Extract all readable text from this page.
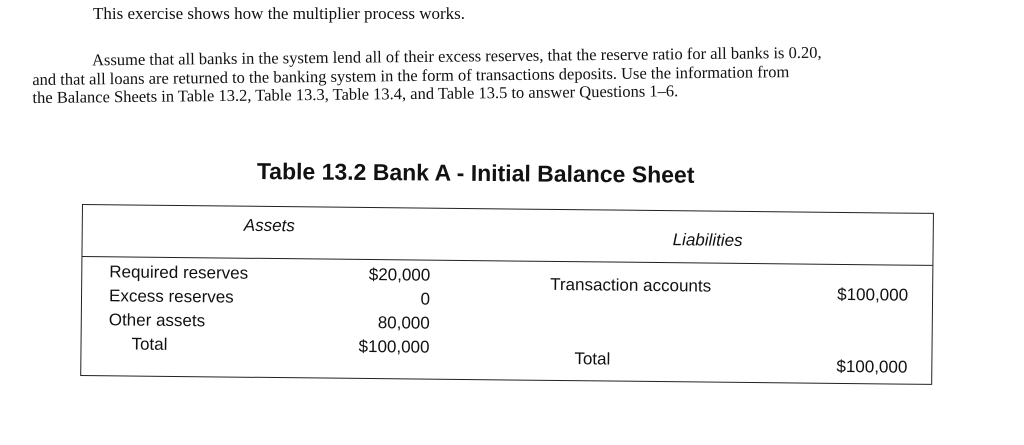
This exercise shows how the multiplier process works.
Assume that all banks in the system lend all of their excess reserves, that the reserve ratio for all banks is 0.20,
and that all loans are returned to the banking system in the form of transactions deposits. Use the information from
the Balance Sheets in Table 13.2, Table 13.3, Table 13.4, and Table 13.5 to answer Questions 1–6.
Table 13.2 Bank A - Initial Balance Sheet
Assets
Liabilities
Required reserves
Excess reserves
Other assets
Total
$20,000
0
80,000
$100,000
Transaction accounts
Total
$100,000
$100,000
